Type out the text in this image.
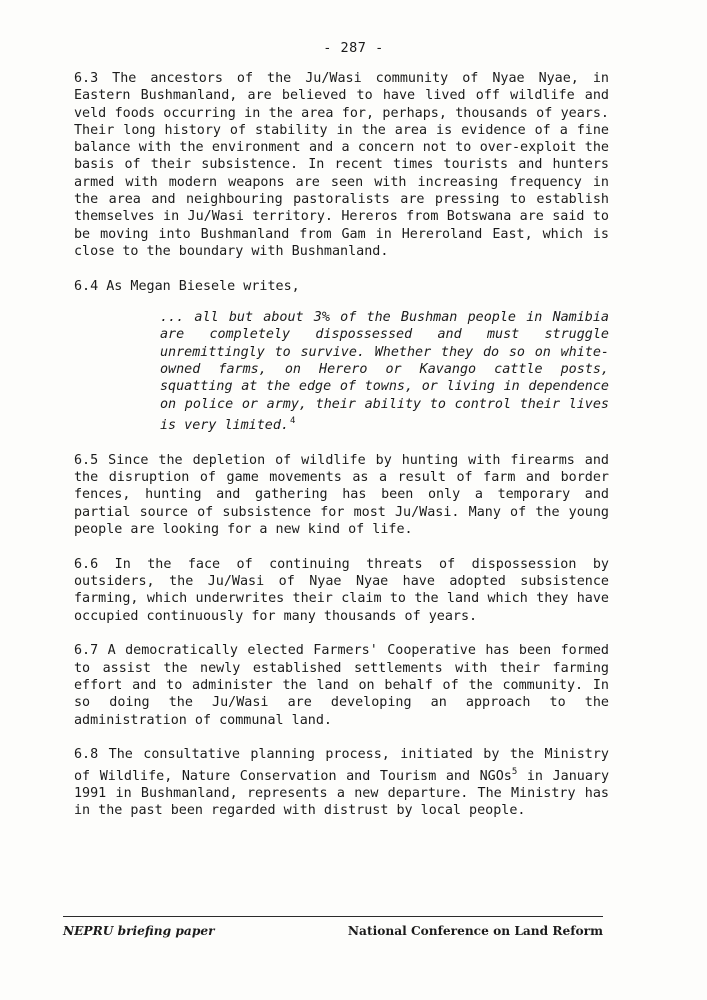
- 287 -

6.3 The ancestors of the Ju/Wasi community of Nyae Nyae, in Eastern Bushmanland, are believed to have lived off wildlife and veld foods occurring in the area for, perhaps, thousands of years. Their long history of stability in the area is evidence of a fine balance with the environment and a concern not to over-exploit the basis of their subsistence. In recent times tourists and hunters armed with modern weapons are seen with increasing frequency in the area and neighbouring pastoralists are pressing to establish themselves in Ju/Wasi territory. Hereros from Botswana are said to be moving into Bushmanland from Gam in Hereroland East, which is close to the boundary with Bushmanland.

6.4 As Megan Biesele writes,

... all but about 3% of the Bushman people in Namibia are completely dispossessed and must struggle unremittingly to survive. Whether they do so on white-owned farms, on Herero or Kavango cattle posts, squatting at the edge of towns, or living in dependence on police or army, their ability to control their lives is very limited.$^4$

6.5 Since the depletion of wildlife by hunting with firearms and the disruption of game movements as a result of farm and border fences, hunting and gathering has been only a temporary and partial source of subsistence for most Ju/Wasi. Many of the young people are looking for a new kind of life.

6.6 In the face of continuing threats of dispossession by outsiders, the Ju/Wasi of Nyae Nyae have adopted subsistence farming, which underwrites their claim to the land which they have occupied continuously for many thousands of years.

6.7 A democratically elected Farmers' Cooperative has been formed to assist the newly established settlements with their farming effort and to administer the land on behalf of the community. In so doing the Ju/Wasi are developing an approach to the administration of communal land.

6.8 The consultative planning process, initiated by the Ministry of Wildlife, Nature Conservation and Tourism and NGOs$^5$ in January 1991 in Bushmanland, represents a new departure. The Ministry has in the past been regarded with distrust by local people.

NEPRU briefing paper	National Conference on Land Reform
